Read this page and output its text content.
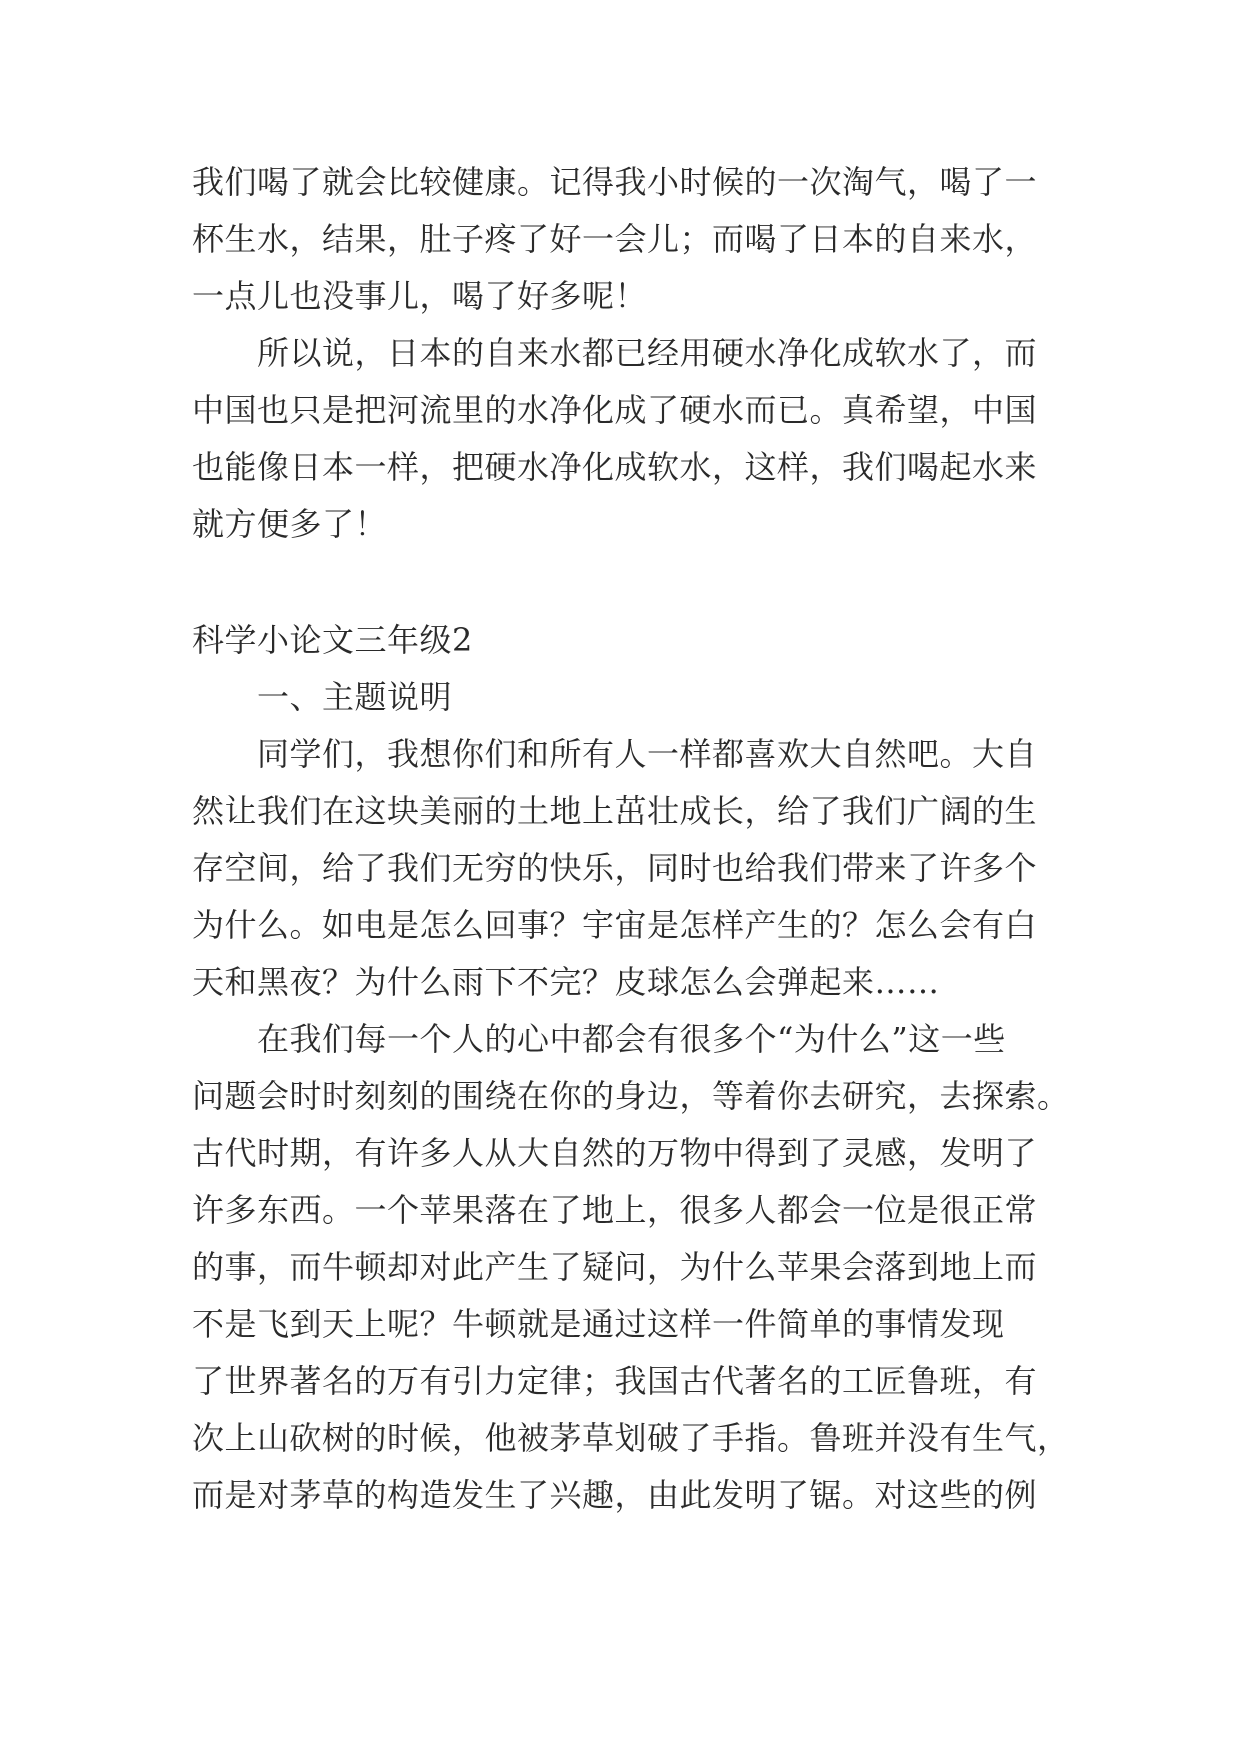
我们喝了就会比较健康。记得我小时候的一次淘气，喝了一
杯生水，结果，肚子疼了好一会儿；而喝了日本的自来水，
一点儿也没事儿，喝了好多呢！
　　所以说，日本的自来水都已经用硬水净化成软水了，而
中国也只是把河流里的水净化成了硬水而已。真希望，中国
也能像日本一样，把硬水净化成软水，这样，我们喝起水来
就方便多了！
科学小论文三年级2
　　一、主题说明
　　同学们，我想你们和所有人一样都喜欢大自然吧。大自
然让我们在这块美丽的土地上茁壮成长，给了我们广阔的生
存空间，给了我们无穷的快乐，同时也给我们带来了许多个
为什么。如电是怎么回事？宇宙是怎样产生的？怎么会有白
天和黑夜？为什么雨下不完？皮球怎么会弹起来……
　　在我们每一个人的心中都会有很多个“为什么”这一些
问题会时时刻刻的围绕在你的身边，等着你去研究，去探索。
古代时期，有许多人从大自然的万物中得到了灵感，发明了
许多东西。一个苹果落在了地上，很多人都会一位是很正常
的事，而牛顿却对此产生了疑问，为什么苹果会落到地上而
不是飞到天上呢？牛顿就是通过这样一件简单的事情发现
了世界著名的万有引力定律；我国古代著名的工匠鲁班，有
次上山砍树的时候，他被茅草划破了手指。鲁班并没有生气，
而是对茅草的构造发生了兴趣，由此发明了锯。对这些的例
